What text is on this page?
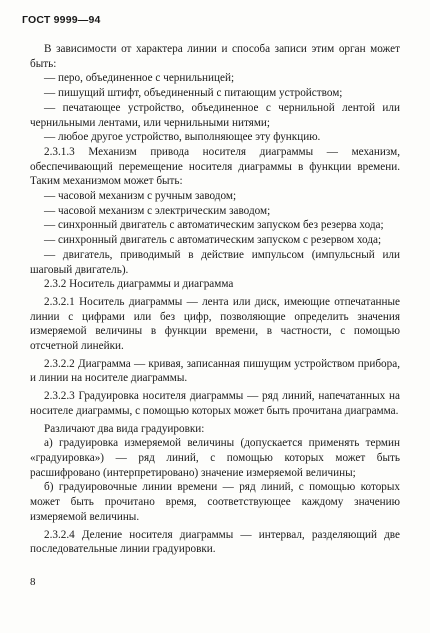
ГОСТ 9999—94

В зависимости от характера линии и способа записи этим орган может быть:

— перо, объединенное с чернильницей;

— пишущий штифт, объединенный с питающим устройством;

— печатающее устройство, объединенное с чернильной лентой или чернильными лентами, или чернильными нитями;

— любое другое устройство, выполняющее эту функцию.

2.3.1.3 Механизм привода носителя диаграммы — механизм, обеспечивающий перемещение носителя диаграммы в функции времени. Таким механизмом может быть:

— часовой механизм с ручным заводом;

— часовой механизм с электрическим заводом;

— синхронный двигатель с автоматическим запуском без резерва хода;

— синхронный двигатель с автоматическим запуском с резервом хода;

— двигатель, приводимый в действие импульсом (импульсный или шаговый двигатель).

2.3.2 Носитель диаграммы и диаграмма

2.3.2.1 Носитель диаграммы — лента или диск, имеющие отпечатанные линии с цифрами или без цифр, позволяющие определить значения измеряемой величины в функции времени, в частности, с помощью отсчетной линейки.

2.3.2.2 Диаграмма — кривая, записанная пишущим устройством прибора, и линии на носителе диаграммы.

2.3.2.3 Градуировка носителя диаграммы — ряд линий, напечатанных на носителе диаграммы, с помощью которых может быть прочитана диаграмма.

Различают два вида градуировки:

а) градуировка измеряемой величины (допускается применять термин «градуировка») — ряд линий, с помощью которых может быть расшифровано (интерпретировано) значение измеряемой величины;

б) градуировочные линии времени — ряд линий, с помощью которых может быть прочитано время, соответствующее каждому значению измеряемой величины.

2.3.2.4 Деление носителя диаграммы — интервал, разделяющий две последовательные линии градуировки.

8
